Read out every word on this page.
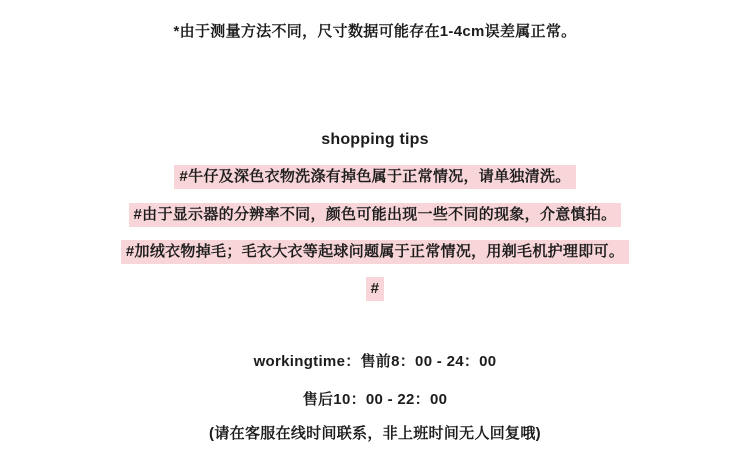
*由于测量方法不同，尺寸数据可能存在1-4cm误差属正常。
shopping tips
#牛仔及深色衣物洗涤有掉色属于正常情况，请单独清洗。
#由于显示器的分辨率不同，颜色可能出现一些不同的现象，介意慎拍。
#加绒衣物掉毛；毛衣大衣等起球问题属于正常情况，用剃毛机护理即可。
#
workingtime：售前8：00 - 24：00
售后10：00 - 22：00
(请在客服在线时间联系，非上班时间无人回复哦)
